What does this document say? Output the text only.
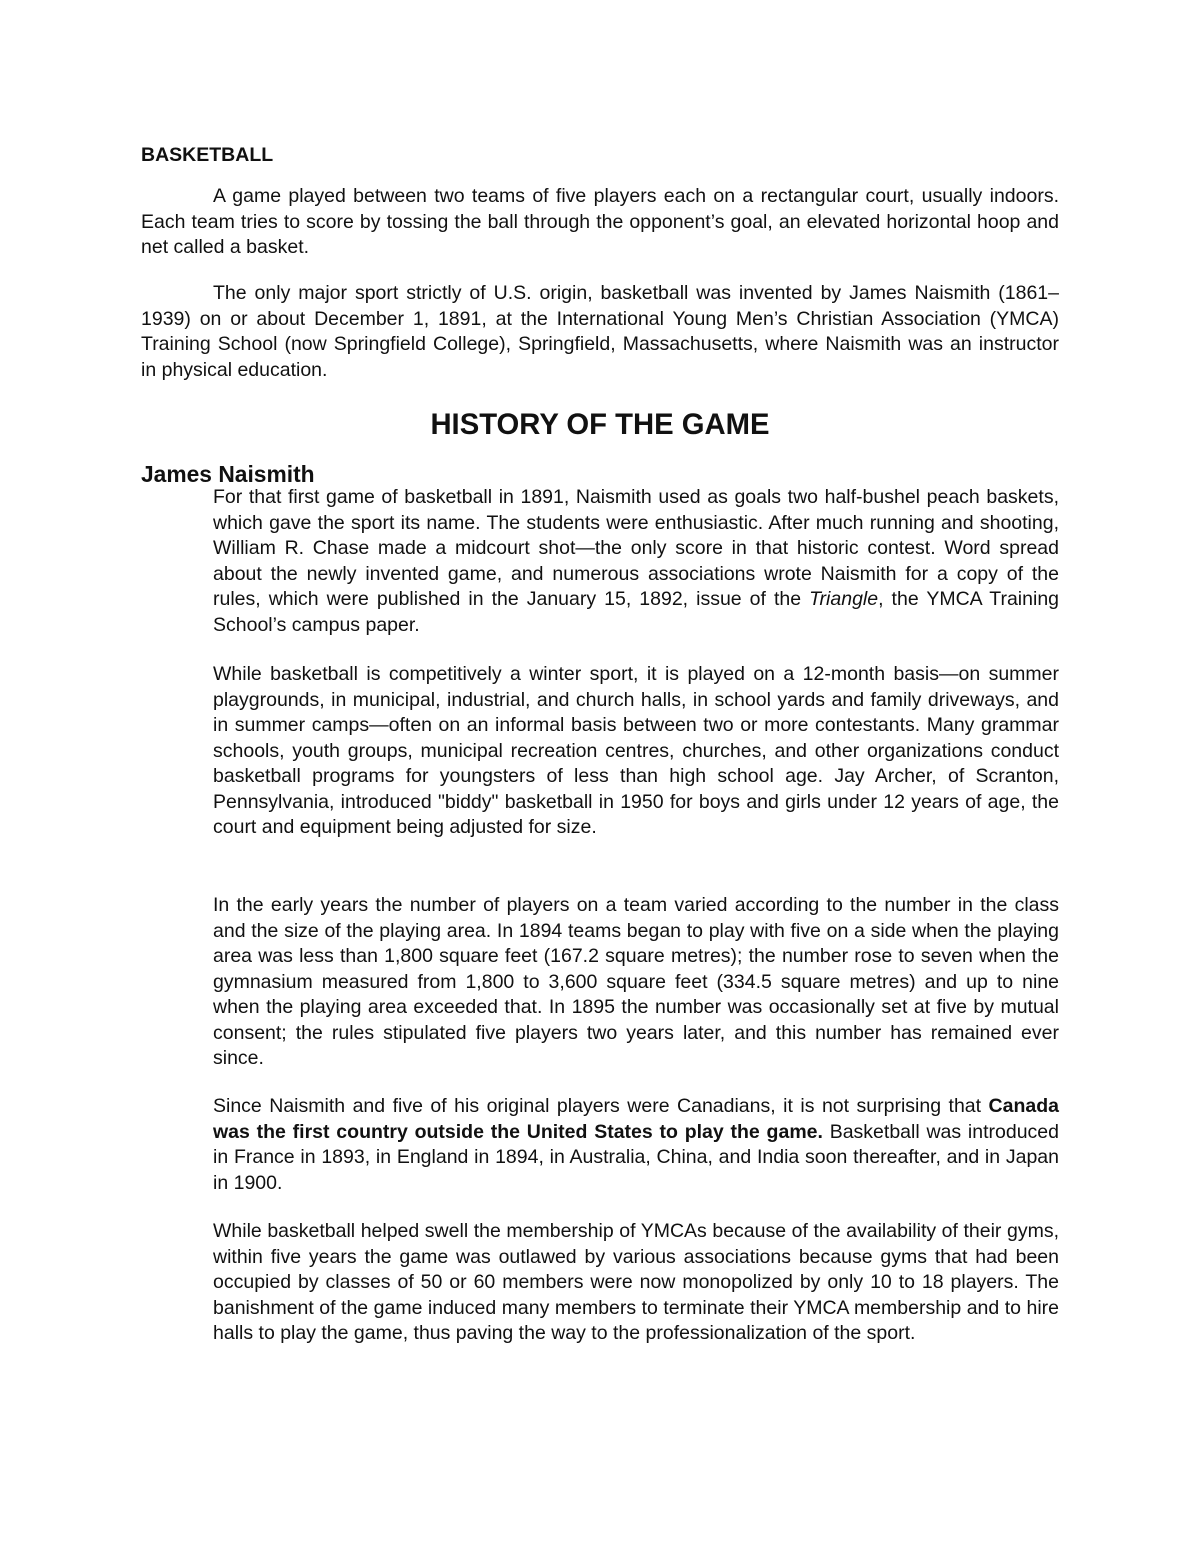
BASKETBALL

A game played between two teams of five players each on a rectangular court, usually indoors. Each team tries to score by tossing the ball through the opponent’s goal, an elevated horizontal hoop and net called a basket.

The only major sport strictly of U.S. origin, basketball was invented by James Naismith (1861–1939) on or about December 1, 1891, at the International Young Men’s Christian Association (YMCA) Training School (now Springfield College), Springfield, Massachusetts, where Naismith was an instructor in physical education.

HISTORY OF THE GAME
James Naismith

For that first game of basketball in 1891, Naismith used as goals two half-bushel peach baskets, which gave the sport its name. The students were enthusiastic. After much running and shooting, William R. Chase made a midcourt shot—the only score in that historic contest. Word spread about the newly invented game, and numerous associations wrote Naismith for a copy of the rules, which were published in the January 15, 1892, issue of the Triangle, the YMCA Training School’s campus paper.

While basketball is competitively a winter sport, it is played on a 12-month basis—on summer playgrounds, in municipal, industrial, and church halls, in school yards and family driveways, and in summer camps—often on an informal basis between two or more contestants. Many grammar schools, youth groups, municipal recreation centres, churches, and other organizations conduct basketball programs for youngsters of less than high school age. Jay Archer, of Scranton, Pennsylvania, introduced "biddy" basketball in 1950 for boys and girls under 12 years of age, the court and equipment being adjusted for size.

In the early years the number of players on a team varied according to the number in the class and the size of the playing area. In 1894 teams began to play with five on a side when the playing area was less than 1,800 square feet (167.2 square metres); the number rose to seven when the gymnasium measured from 1,800 to 3,600 square feet (334.5 square metres) and up to nine when the playing area exceeded that. In 1895 the number was occasionally set at five by mutual consent; the rules stipulated five players two years later, and this number has remained ever since.

Since Naismith and five of his original players were Canadians, it is not surprising that Canada was the first country outside the United States to play the game. Basketball was introduced in France in 1893, in England in 1894, in Australia, China, and India soon thereafter, and in Japan in 1900.

While basketball helped swell the membership of YMCAs because of the availability of their gyms, within five years the game was outlawed by various associations because gyms that had been occupied by classes of 50 or 60 members were now monopolized by only 10 to 18 players. The banishment of the game induced many members to terminate their YMCA membership and to hire halls to play the game, thus paving the way to the professionalization of the sport.
